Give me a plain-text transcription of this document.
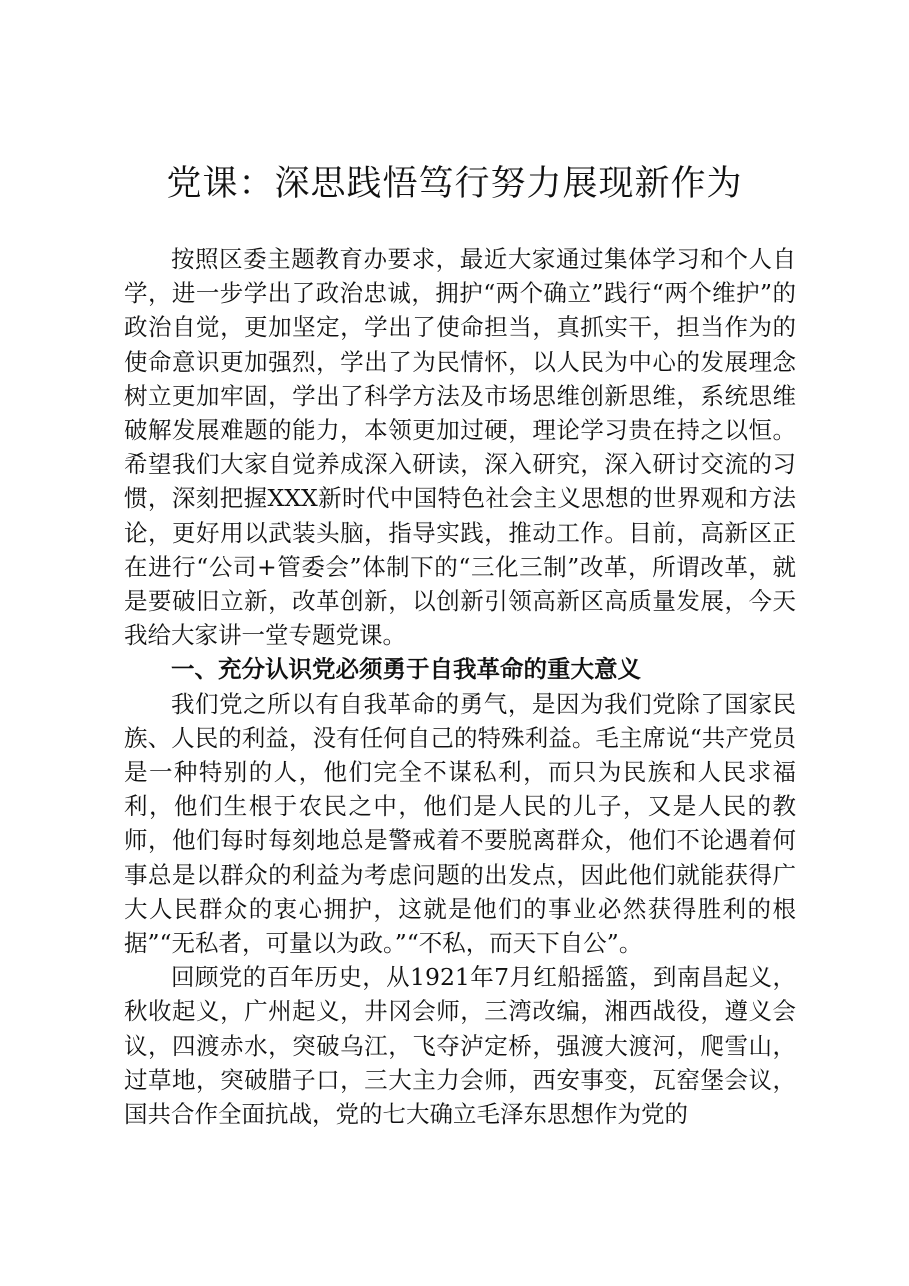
党课：深思践悟笃行努力展现新作为

按照区委主题教育办要求，最近大家通过集体学习和个人自学，进一步学出了政治忠诚，拥护“两个确立”践行“两个维护”的政治自觉，更加坚定，学出了使命担当，真抓实干，担当作为的使命意识更加强烈，学出了为民情怀，以人民为中心的发展理念树立更加牢固，学出了科学方法及市场思维创新思维，系统思维破解发展难题的能力，本领更加过硬，理论学习贵在持之以恒。希望我们大家自觉养成深入研读，深入研究，深入研讨交流的习惯，深刻把握XXX新时代中国特色社会主义思想的世界观和方法论，更好用以武装头脑，指导实践，推动工作。目前，高新区正在进行“公司+管委会”体制下的“三化三制”改革，所谓改革，就是要破旧立新，改革创新，以创新引领高新区高质量发展，今天我给大家讲一堂专题党课。

一、充分认识党必须勇于自我革命的重大意义

我们党之所以有自我革命的勇气，是因为我们党除了国家民族、人民的利益，没有任何自己的特殊利益。毛主席说“共产党员是一种特别的人，他们完全不谋私利，而只为民族和人民求福利，他们生根于农民之中，他们是人民的儿子，又是人民的教师，他们每时每刻地总是警戒着不要脱离群众，他们不论遇着何事总是以群众的利益为考虑问题的出发点，因此他们就能获得广大人民群众的衷心拥护，这就是他们的事业必然获得胜利的根据”“无私者，可量以为政。”“不私，而天下自公”。

回顾党的百年历史，从1921年7月红船摇篮，到南昌起义，秋收起义，广州起义，井冈会师，三湾改编，湘西战役，遵义会议，四渡赤水，突破乌江，飞夺泸定桥，强渡大渡河，爬雪山，过草地，突破腊子口，三大主力会师，西安事变，瓦窑堡会议，国共合作全面抗战，党的七大确立毛泽东思想作为党的
